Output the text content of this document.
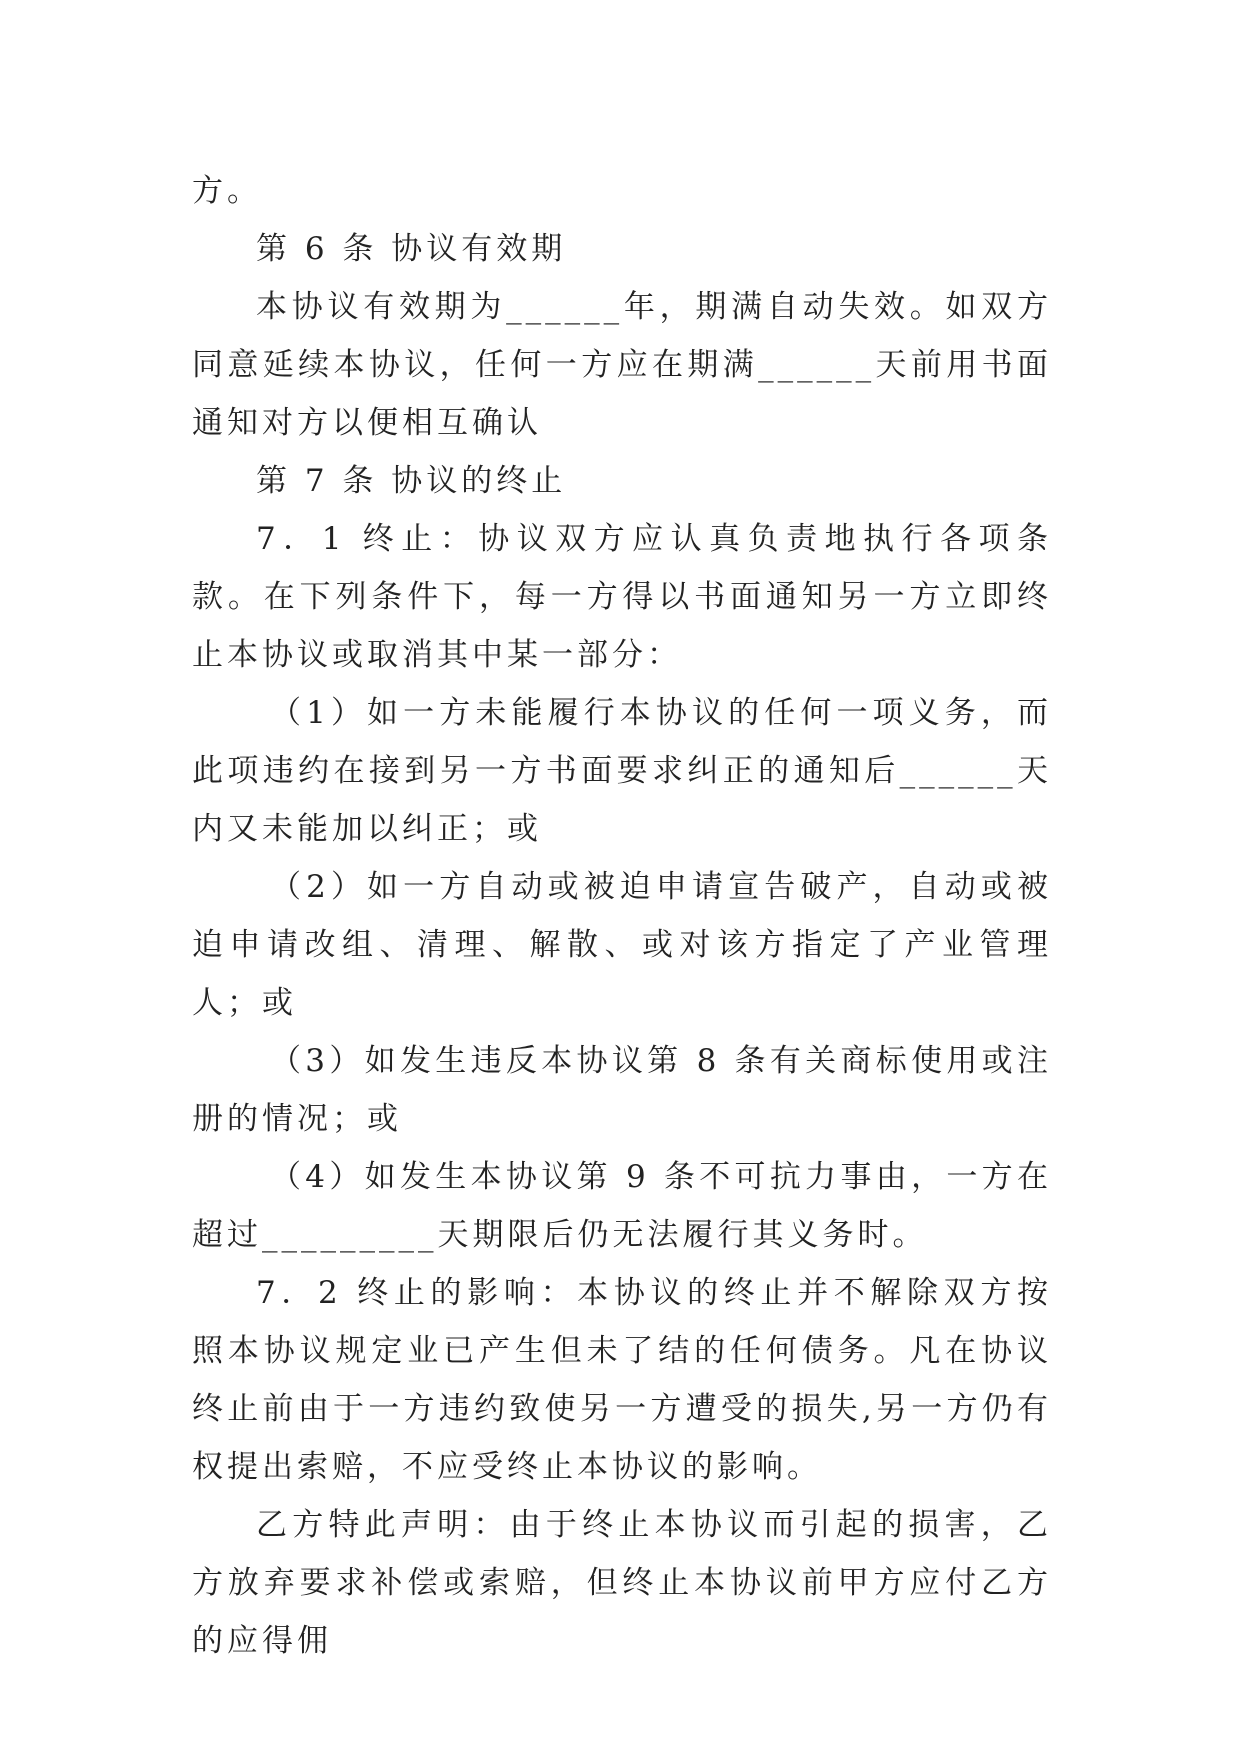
方。

第 6 条 协议有效期

本协议有效期为______年，期满自动失效。如双方同意延续本协议，任何一方应在期满______天前用书面通知对方以便相互确认

第 7 条 协议的终止

7．1 终止：协议双方应认真负责地执行各项条款。在下列条件下，每一方得以书面通知另一方立即终止本协议或取消其中某一部分：

（1）如一方未能履行本协议的任何一项义务，而此项违约在接到另一方书面要求纠正的通知后______天内又未能加以纠正；或

（2）如一方自动或被迫申请宣告破产，自动或被迫申请改组、清理、解散、或对该方指定了产业管理人；或

（3）如发生违反本协议第 8 条有关商标使用或注册的情况；或

（4）如发生本协议第 9 条不可抗力事由，一方在超过_________天期限后仍无法履行其义务时。

7．2 终止的影响：本协议的终止并不解除双方按照本协议规定业已产生但未了结的任何债务。凡在协议终止前由于一方违约致使另一方遭受的损失,另一方仍有权提出索赔，不应受终止本协议的影响。

乙方特此声明：由于终止本协议而引起的损害，乙方放弃要求补偿或索赔，但终止本协议前甲方应付乙方的应得佣
